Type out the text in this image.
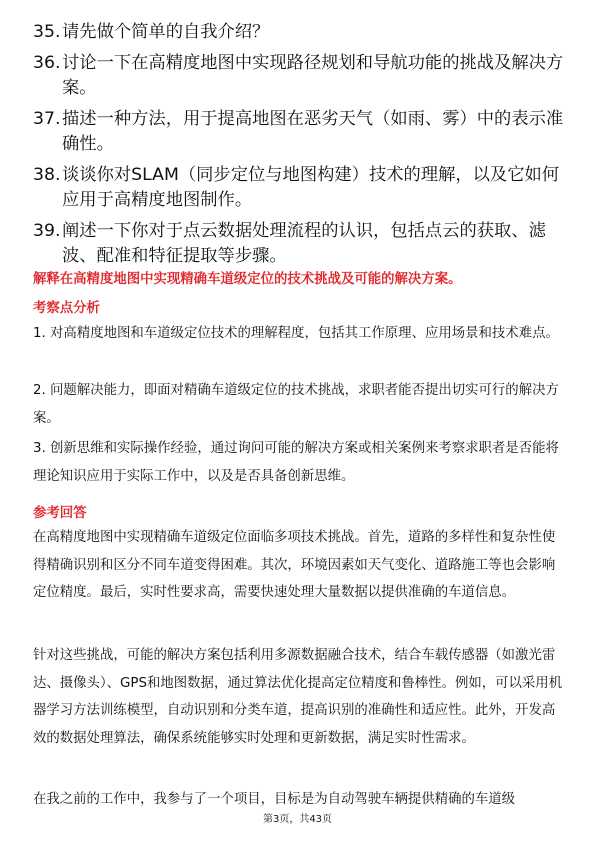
35. 请先做个简单的自我介绍？
36. 讨论一下在高精度地图中实现路径规划和导航功能的挑战及解决方案。
37. 描述一种方法，用于提高地图在恶劣天气（如雨、雾）中的表示准确性。
38. 谈谈你对SLAM（同步定位与地图构建）技术的理解，以及它如何应用于高精度地图制作。
39. 阐述一下你对于点云数据处理流程的认识，包括点云的获取、滤波、配准和特征提取等步骤。
解释在高精度地图中实现精确车道级定位的技术挑战及可能的解决方案。
考察点分析

1. 对高精度地图和车道级定位技术的理解程度，包括其工作原理、应用场景和技术难点。

2. 问题解决能力，即面对精确车道级定位的技术挑战，求职者能否提出切实可行的解决方案。

3. 创新思维和实际操作经验，通过询问可能的解决方案或相关案例来考察求职者是否能将理论知识应用于实际工作中，以及是否具备创新思维。

参考回答

在高精度地图中实现精确车道级定位面临多项技术挑战。首先，道路的多样性和复杂性使得精确识别和区分不同车道变得困难。其次，环境因素如天气变化、道路施工等也会影响定位精度。最后，实时性要求高，需要快速处理大量数据以提供准确的车道信息。

针对这些挑战，可能的解决方案包括利用多源数据融合技术，结合车载传感器（如激光雷达、摄像头）、GPS和地图数据，通过算法优化提高定位精度和鲁棒性。例如，可以采用机器学习方法训练模型，自动识别和分类车道，提高识别的准确性和适应性。此外，开发高效的数据处理算法，确保系统能够实时处理和更新数据，满足实时性需求。

在我之前的工作中，我参与了一个项目，目标是为自动驾驶车辆提供精确的车道级

第3页，共43页
